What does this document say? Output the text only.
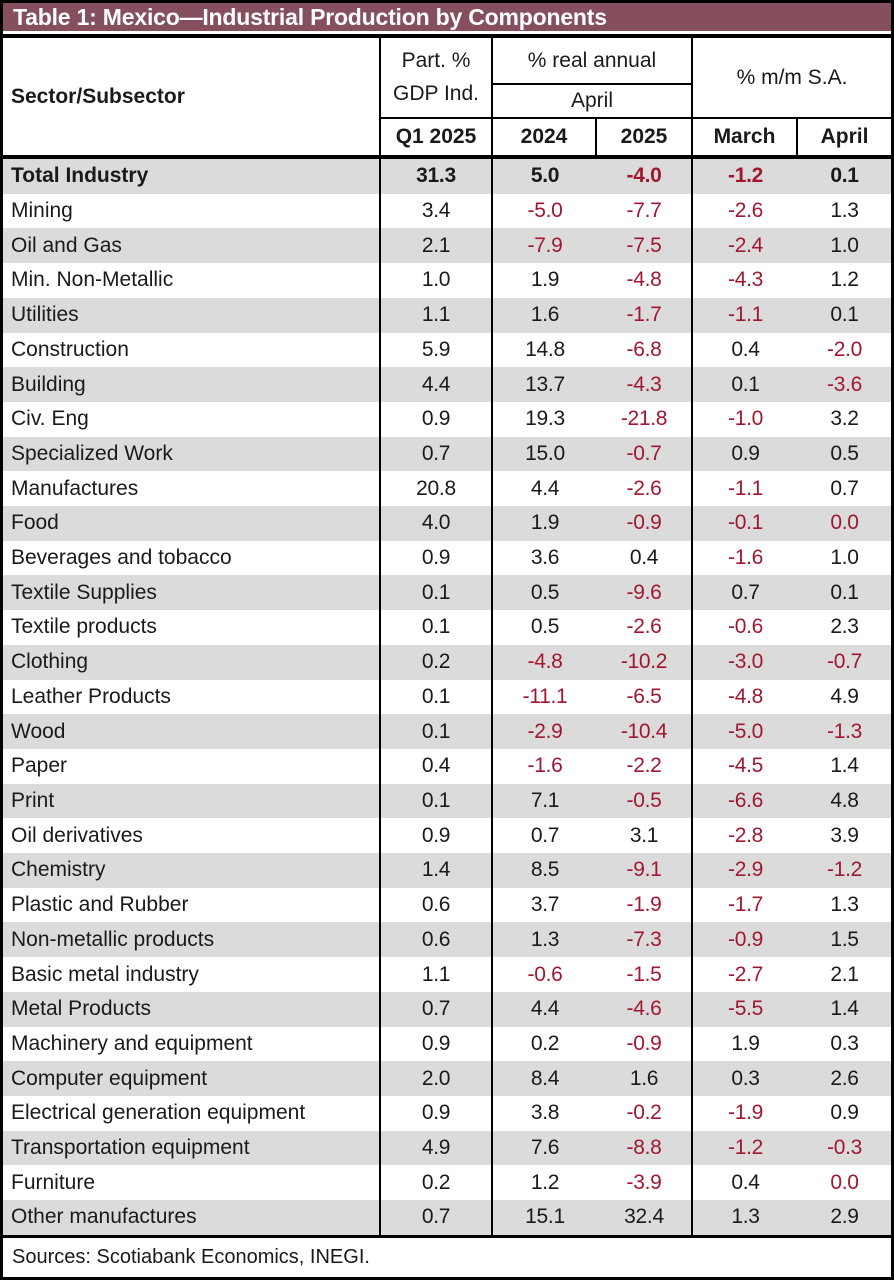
Table 1: Mexico—Industrial Production by Components
Sector/Subsector
Part. %
GDP Ind.
% real annual
April
% m/m S.A.
Q1 2025	2024	2025	March	April
Total Industry	31.3	5.0	-4.0	-1.2	0.1
Mining	3.4	-5.0	-7.7	-2.6	1.3
Oil and Gas	2.1	-7.9	-7.5	-2.4	1.0
Min. Non-Metallic	1.0	1.9	-4.8	-4.3	1.2
Utilities	1.1	1.6	-1.7	-1.1	0.1
Construction	5.9	14.8	-6.8	0.4	-2.0
Building	4.4	13.7	-4.3	0.1	-3.6
Civ. Eng	0.9	19.3	-21.8	-1.0	3.2
Specialized Work	0.7	15.0	-0.7	0.9	0.5
Manufactures	20.8	4.4	-2.6	-1.1	0.7
Food	4.0	1.9	-0.9	-0.1	0.0
Beverages and tobacco	0.9	3.6	0.4	-1.6	1.0
Textile Supplies	0.1	0.5	-9.6	0.7	0.1
Textile products	0.1	0.5	-2.6	-0.6	2.3
Clothing	0.2	-4.8	-10.2	-3.0	-0.7
Leather Products	0.1	-11.1	-6.5	-4.8	4.9
Wood	0.1	-2.9	-10.4	-5.0	-1.3
Paper	0.4	-1.6	-2.2	-4.5	1.4
Print	0.1	7.1	-0.5	-6.6	4.8
Oil derivatives	0.9	0.7	3.1	-2.8	3.9
Chemistry	1.4	8.5	-9.1	-2.9	-1.2
Plastic and Rubber	0.6	3.7	-1.9	-1.7	1.3
Non-metallic products	0.6	1.3	-7.3	-0.9	1.5
Basic metal industry	1.1	-0.6	-1.5	-2.7	2.1
Metal Products	0.7	4.4	-4.6	-5.5	1.4
Machinery and equipment	0.9	0.2	-0.9	1.9	0.3
Computer equipment	2.0	8.4	1.6	0.3	2.6
Electrical generation equipment	0.9	3.8	-0.2	-1.9	0.9
Transportation equipment	4.9	7.6	-8.8	-1.2	-0.3
Furniture	0.2	1.2	-3.9	0.4	0.0
Other manufactures	0.7	15.1	32.4	1.3	2.9
Sources: Scotiabank Economics, INEGI.
